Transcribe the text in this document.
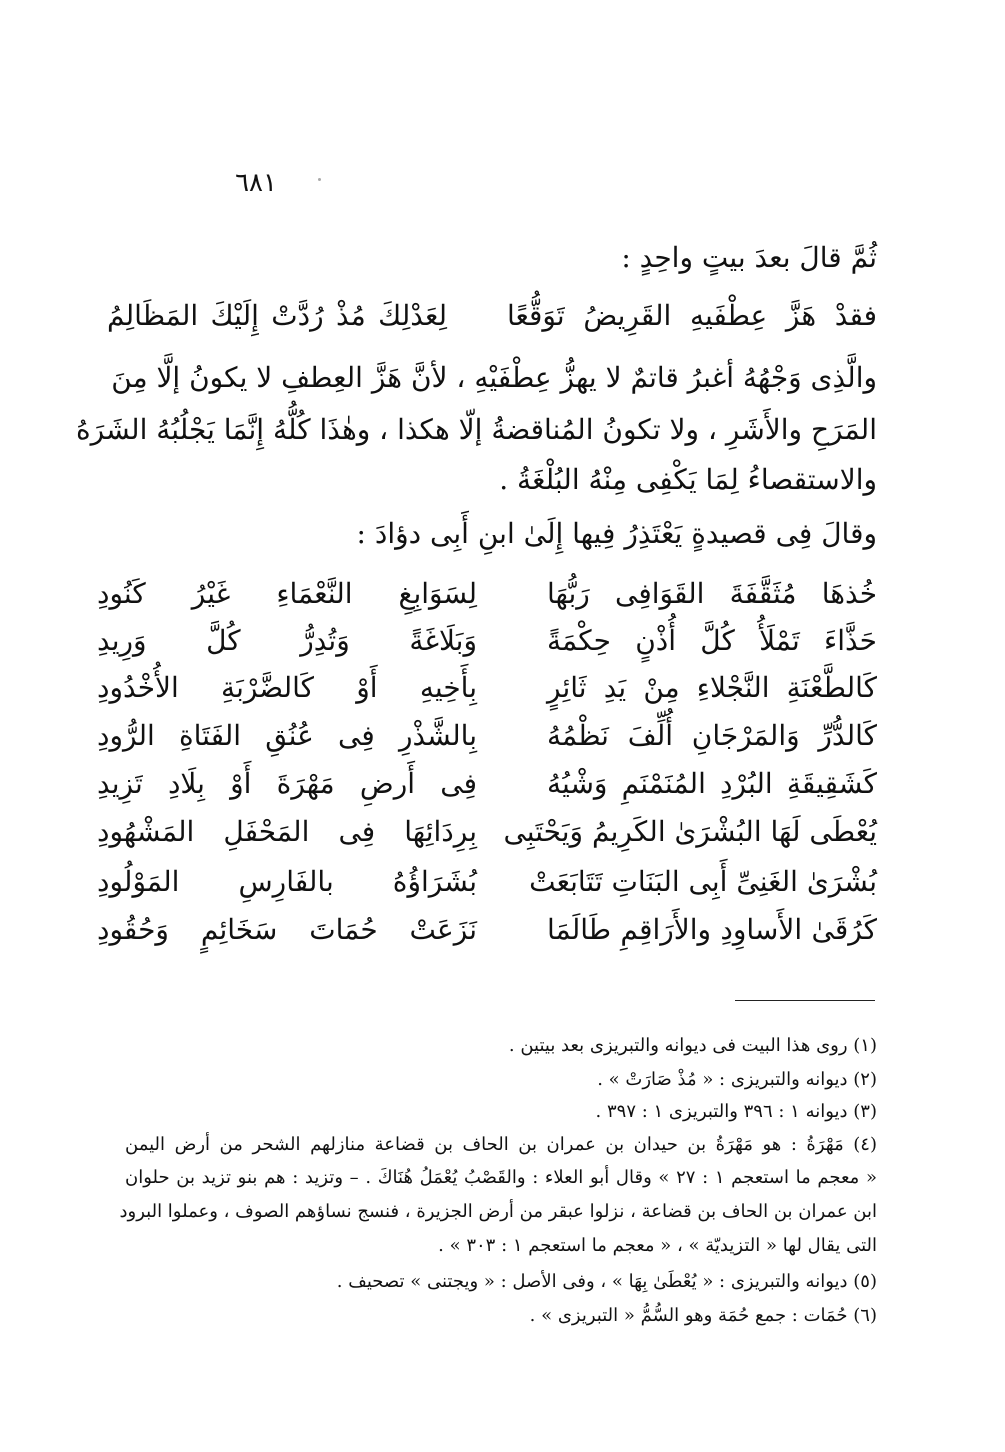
٦٨١
ثُمَّ قالَ بعدَ بيتٍ واحِدٍ :
فقدْ هَزَّ عِطْفَيهِ القَرِيضُ تَوَقُّعًا
لِعَدْلِكَ مُذْ رُدَّتْ إِلَيْكَ المَظَالِمُ
والَّذِى وَجْهُهُ أغبرُ قاتمٌ لا يهزُّ عِطْفَيْهِ ، لأنَّ هَزَّ العِطفِ لا يكونُ إلَّا مِنَ
المَرَحِ والأَشَرِ ، ولا تكونُ المُناقضةُ إلّا هكذا ، وهٰذَا كُلُّهُ إِنَّمَا يَجْلُبُهُ الشَرَهُ
والاستقصاءُ لِمَا يَكْفِى مِنْهُ البُلْغَةُ .
وقالَ فِى قصيدةٍ يَعْتَذِرُ فِيها إِلَىٰ ابنِ أَبِى دؤادَ :
خُذهَا مُثَقَّفَةَ القَوَافِى رَبُّهَا
لِسَوَابِغِ النَّعْمَاءِ غَيْرُ كَنُودِ
حَذَّاءَ تَمْلَأُ كُلَّ أُذْنٍ حِكْمَةً
وَبَلَاغَةً وَتُدِرُّ كُلَّ وَرِيدِ
كَالطَّعْنَةِ النَّجْلاءِ مِنْ يَدِ ثَائِرٍ
بِأَخِيهِ أَوْ كَالضَّرْبَةِ الأُخْدُودِ
كَالدُّرِّ وَالمَرْجَانِ أُلِّفَ نَظْمُهُ
بِالشَّذْرِ فِى عُنُقِ الفَتَاةِ الرُّودِ
كَشَقِيقَةِ البُرْدِ المُنَمْنَمِ وَشْيُهُ
فِى أَرضِ مَهْرَةَ أَوْ بِلَادِ تَزِيدِ
يُعْطَى لَهَا البُشْرَىٰ الكَرِيمُ وَيَحْتَبِى
بِرِدَائِهَا فِى المَحْفَلِ المَشْهُودِ
بُشْرَىٰ الغَنِىِّ أَبِى البَنَاتِ تَتَابَعَتْ
بُشَرَاؤُهُ بالفَارِسِ المَوْلُودِ
كَرُقَىٰ الأَساوِدِ والأَرَاقِمِ طَالَمَا
نَزَعَتْ حُمَاتَ سَخَائِمٍ وَحُقُودِ
(١) روى هذا البيت فى ديوانه والتبريزى بعد بيتين .
(٢) ديوانه والتبريزى : « مُذْ صَارَتْ » .
(٣) ديوانه ١ : ٣٩٦ والتبريزى ١ : ٣٩٧ .
(٤) مَهْرَةُ : هو مَهْرَةُ بن حيدان بن عمران بن الحاف بن قضاعة منازلهم الشحر من أرض اليمن
« معجم ما استعجم ١ : ٢٧ » وقال أبو العلاء : والقَصْبُ يُعْمَلُ هُنَاكَ . – وتزيد : هم بنو تزيد بن حلوان
ابن عمران بن الحاف بن قضاعة ، نزلوا عبقر من أرض الجزيرة ، فنسج نساؤهم الصوف ، وعملوا البرود
التى يقال لها « التزيديّة » ، « معجم ما استعجم ١ : ٣٠٣ » .
(٥) ديوانه والتبريزى : « يُعْطَىٰ بِهَا » ، وفى الأصل : « ويجتنى » تصحيف .
(٦) حُمَات : جمع حُمَة وهو السُّمُّ « التبريزى » .
